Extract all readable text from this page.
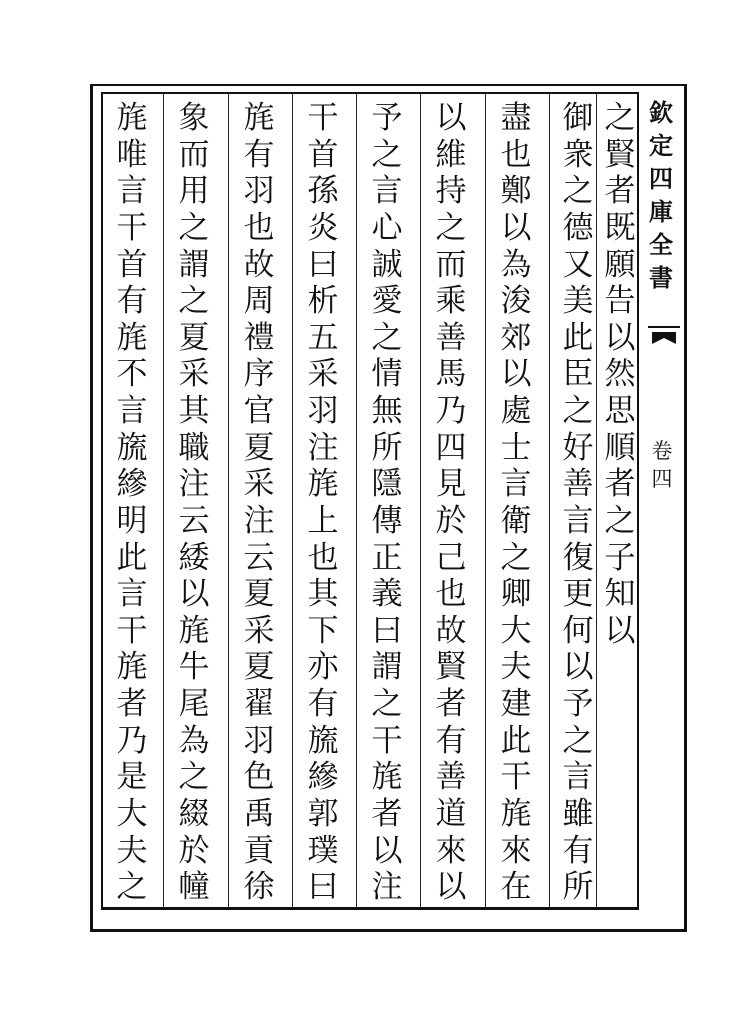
欽
定
四
庫
全
書
卷
四
之
賢
者
既
願
告
以
然
思
順
者
之
子
知
以
御
衆
之
德
又
美
此
臣
之
好
善
言
復
更
何
以
予
之
言
雖
有
所
盡
也
鄭
以
為
浚
郊
以
處
士
言
衛
之
卿
大
夫
建
此
干
旄
來
在
以
維
持
之
而
乘
善
馬
乃
四
見
於
己
也
故
賢
者
有
善
道
來
以
予
之
言
心
誠
愛
之
情
無
所
隱
傳
正
義
曰
謂
之
干
旄
者
以
注
干
首
孫
炎
曰
析
五
采
羽
注
旄
上
也
其
下
亦
有
旒
縿
郭
璞
曰
旄
有
羽
也
故
周
禮
序
官
夏
采
注
云
夏
采
夏
翟
羽
色
禹
貢
徐
象
而
用
之
謂
之
夏
采
其
職
注
云
緌
以
旄
牛
尾
為
之
綴
於
幢
旄
唯
言
干
首
有
旄
不
言
旒
縿
明
此
言
干
旄
者
乃
是
大
夫
之
